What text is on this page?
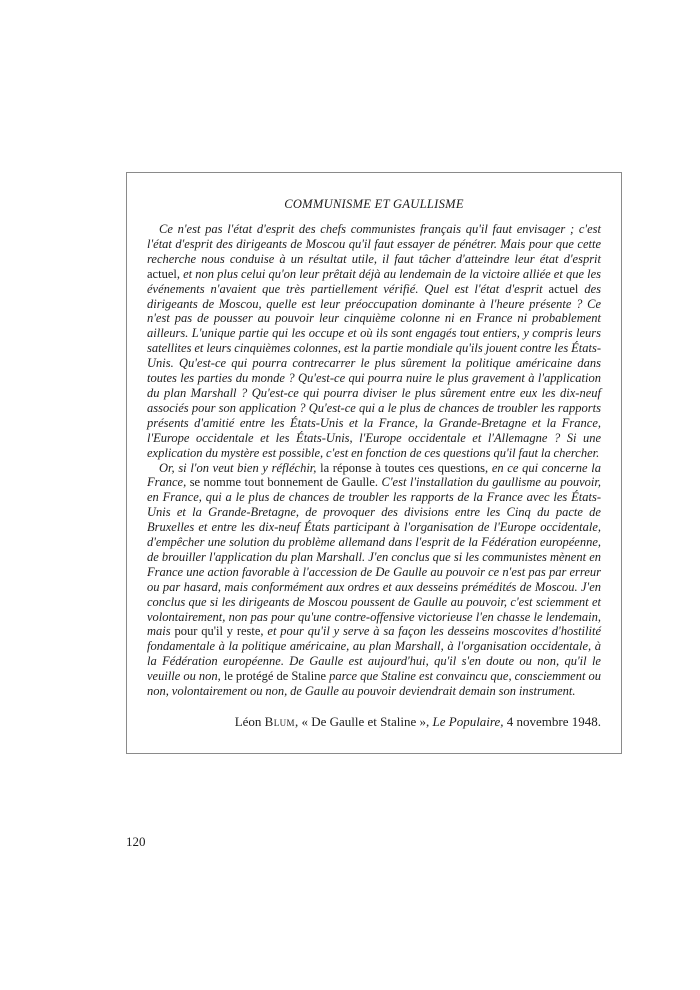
COMMUNISME ET GAULLISME

Ce n'est pas l'état d'esprit des chefs communistes français qu'il faut envisager ; c'est l'état d'esprit des dirigeants de Moscou qu'il faut essayer de pénétrer. Mais pour que cette recherche nous conduise à un résultat utile, il faut tâcher d'atteindre leur état d'esprit actuel, et non plus celui qu'on leur prêtait déjà au lendemain de la victoire alliée et que les événements n'avaient que très partiellement vérifié. Quel est l'état d'esprit actuel des dirigeants de Moscou, quelle est leur préoccupation dominante à l'heure présente ? Ce n'est pas de pousser au pouvoir leur cinquième colonne ni en France ni probablement ailleurs. L'unique partie qui les occupe et où ils sont engagés tout entiers, y compris leurs satellites et leurs cinquièmes colonnes, est la partie mondiale qu'ils jouent contre les États-Unis. Qu'est-ce qui pourra contrecarrer le plus sûrement la politique américaine dans toutes les parties du monde ? Qu'est-ce qui pourra nuire le plus gravement à l'application du plan Marshall ? Qu'est-ce qui pourra diviser le plus sûrement entre eux les dix-neuf associés pour son application ? Qu'est-ce qui a le plus de chances de troubler les rapports présents d'amitié entre les États-Unis et la France, la Grande-Bretagne et la France, l'Europe occidentale et les États-Unis, l'Europe occidentale et l'Allemagne ? Si une explication du mystère est possible, c'est en fonction de ces questions qu'il faut la chercher.

Or, si l'on veut bien y réfléchir, la réponse à toutes ces questions, en ce qui concerne la France, se nomme tout bonnement de Gaulle. C'est l'installation du gaullisme au pouvoir, en France, qui a le plus de chances de troubler les rapports de la France avec les États-Unis et la Grande-Bretagne, de provoquer des divisions entre les Cinq du pacte de Bruxelles et entre les dix-neuf États participant à l'organisation de l'Europe occidentale, d'empêcher une solution du problème allemand dans l'esprit de la Fédération européenne, de brouiller l'application du plan Marshall. J'en conclus que si les communistes mènent en France une action favorable à l'accession de De Gaulle au pouvoir ce n'est pas par erreur ou par hasard, mais conformément aux ordres et aux desseins prémédités de Moscou. J'en conclus que si les dirigeants de Moscou poussent de Gaulle au pouvoir, c'est sciemment et volontairement, non pas pour qu'une contre-offensive victorieuse l'en chasse le lendemain, mais pour qu'il y reste, et pour qu'il y serve à sa façon les desseins moscovites d'hostilité fondamentale à la politique américaine, au plan Marshall, à l'organisation occidentale, à la Fédération européenne. De Gaulle est aujourd'hui, qu'il s'en doute ou non, qu'il le veuille ou non, le protégé de Staline parce que Staline est convaincu que, consciemment ou non, volontairement ou non, de Gaulle au pouvoir deviendrait demain son instrument.

Léon Blum, « De Gaulle et Staline », Le Populaire, 4 novembre 1948.
120
